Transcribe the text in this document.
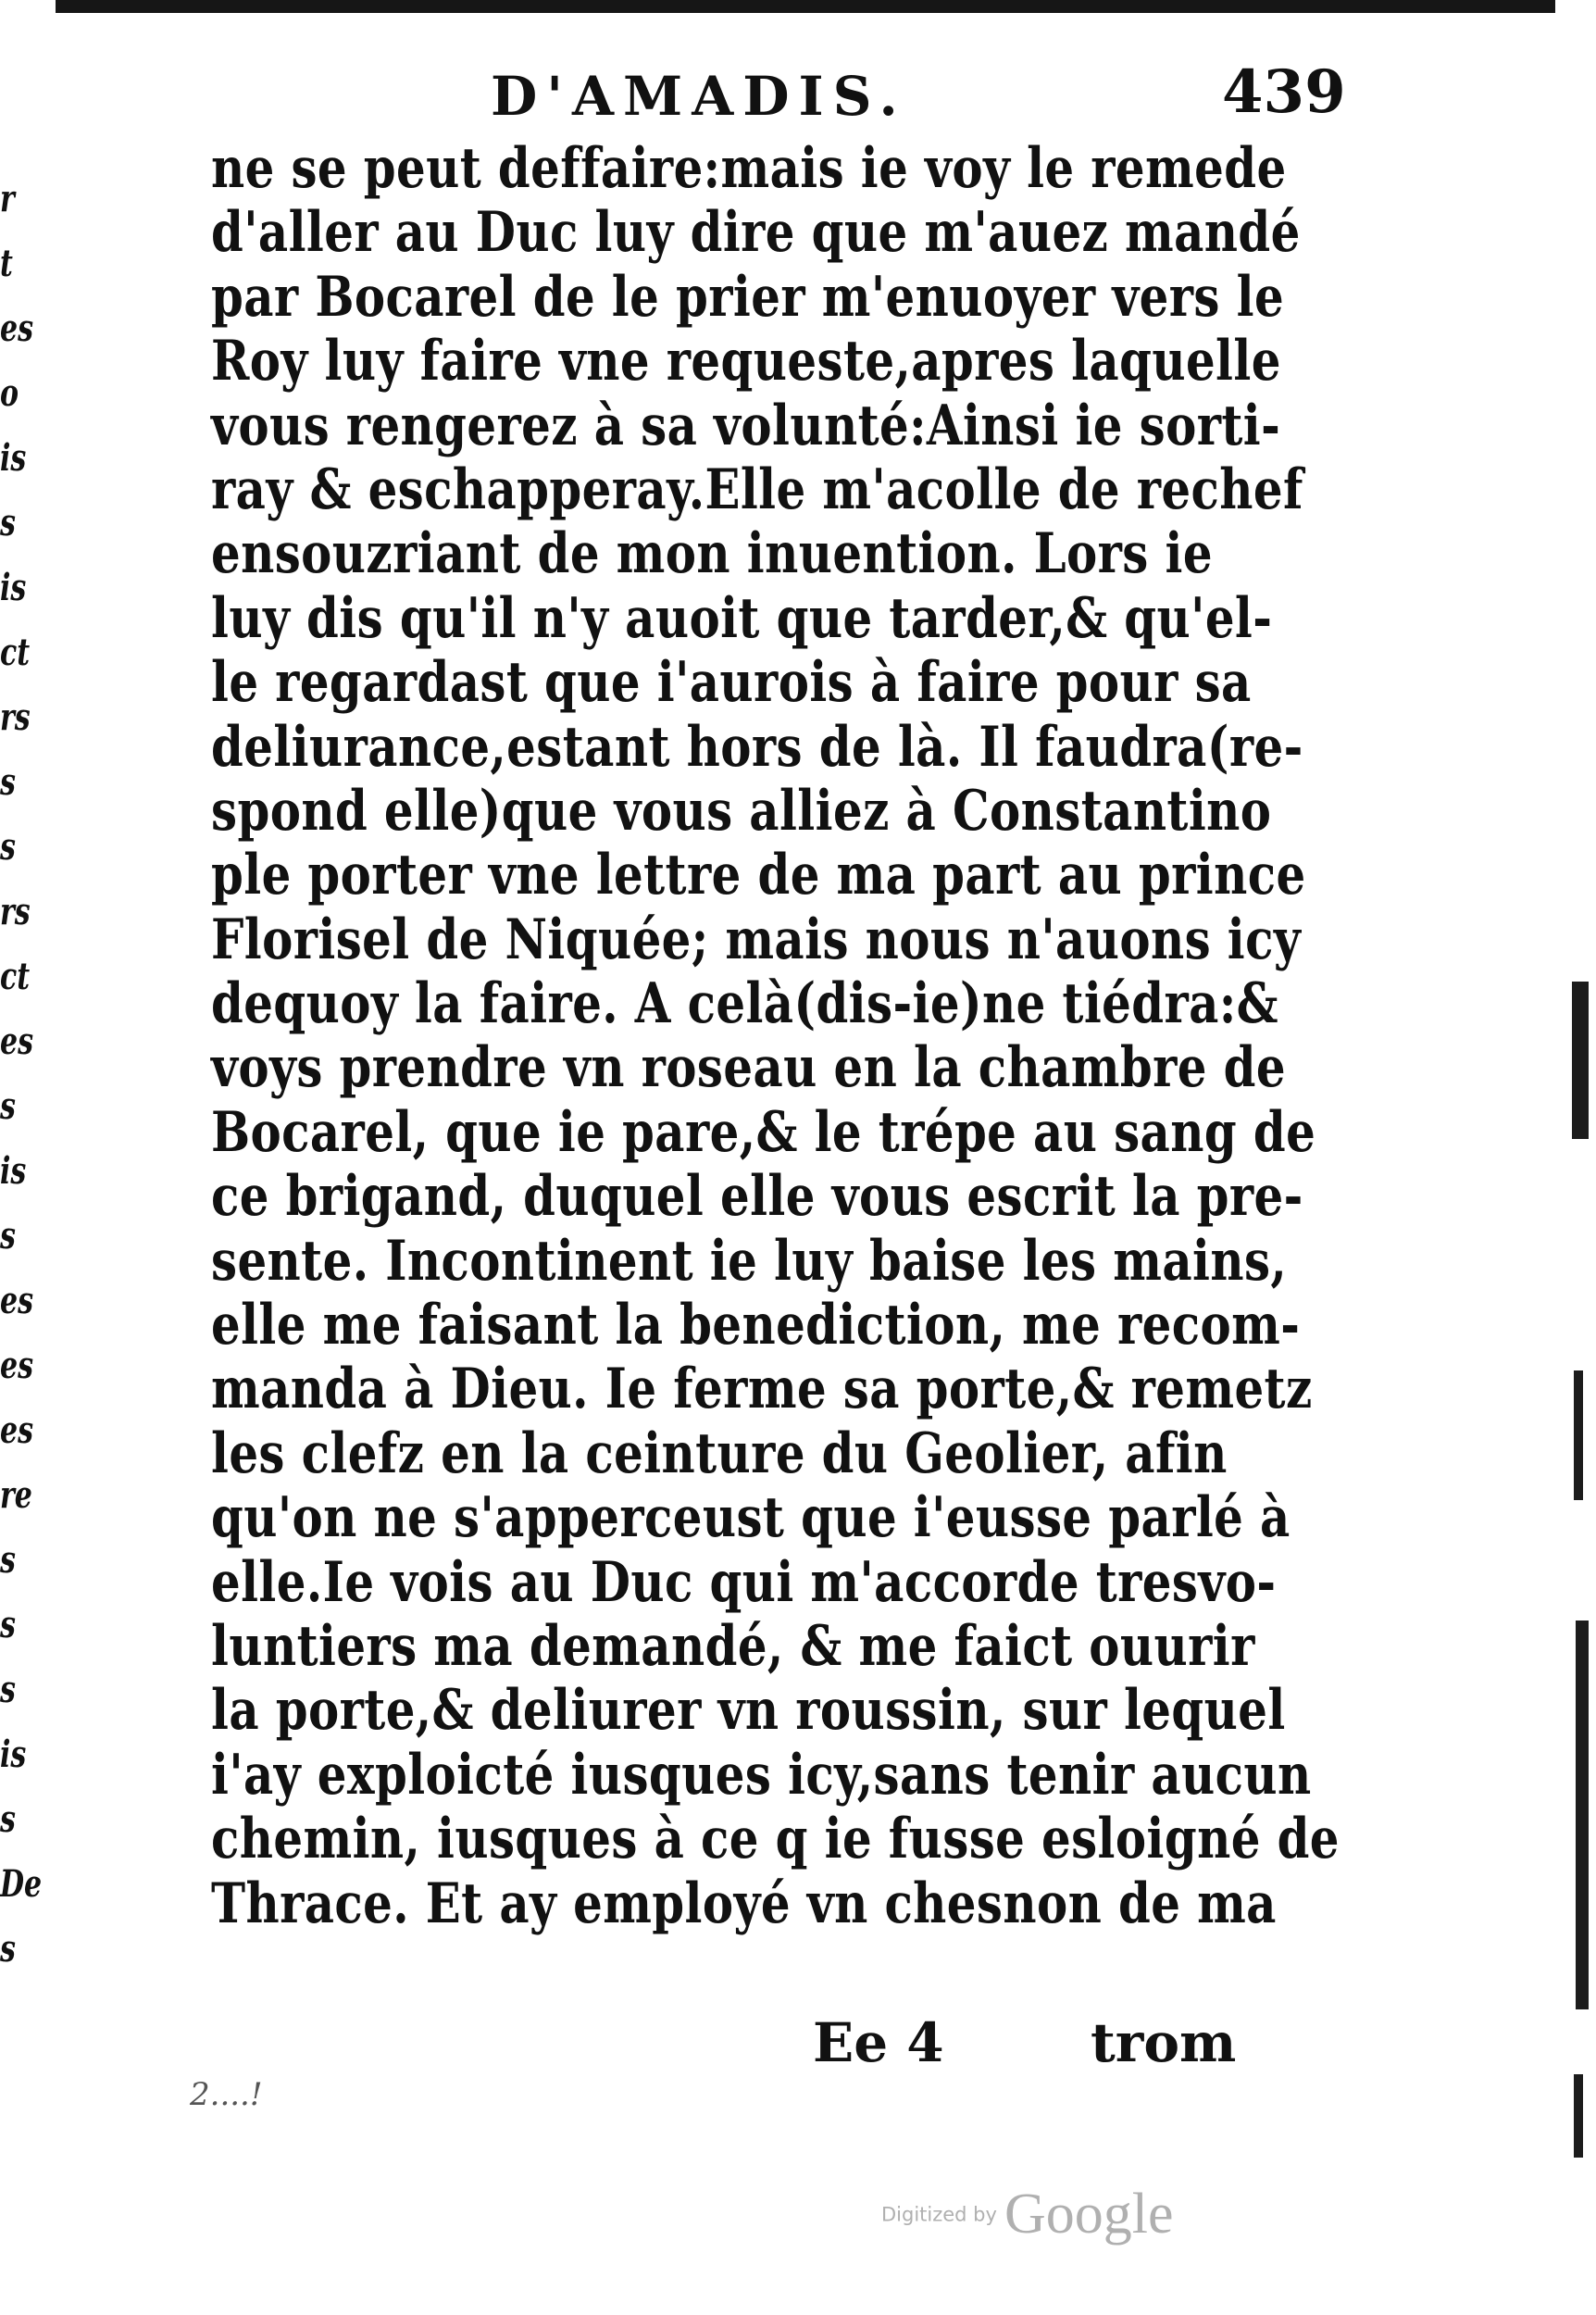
r
t
es
o
is
s
is
ct
rs
s
s
rs
ct
es
s
is
s
es
es
es
re
s
s
s
is
s
De
s
D'AMADIS.	439
ne se peut deffaire:mais ie voy le remede
d'aller au Duc luy dire que m'auez mandé
par Bocarel de le prier m'enuoyer vers le
Roy luy faire vne requeste,apres laquelle
vous rengerez à sa volunté:Ainsi ie sorti-
ray & eschapperay.Elle m'acolle de rechef
ensouzriant de mon inuention. Lors ie
luy dis qu'il n'y auoit que tarder,& qu'el-
le regardast que i'aurois à faire pour sa
deliurance,estant hors de là. Il faudra(re-
spond elle)que vous alliez à Constantino
ple porter vne lettre de ma part au prince
Florisel de Niquée; mais nous n'auons icy
dequoy la faire. A celà(dis-ie)ne tiédra:&
voys prendre vn roseau en la chambre de
Bocarel, que ie pare,& le trépe au sang de
ce brigand, duquel elle vous escrit la pre-
sente. Incontinent ie luy baise les mains,
elle me faisant la benediction, me recom-
manda à Dieu. Ie ferme sa porte,& remetz
les clefz en la ceinture du Geolier, afin
qu'on ne s'apperceust que i'eusse parlé à
elle.Ie vois au Duc qui m'accorde tresvo-
luntiers ma demandé, & me faict ouurir
la porte,& deliurer vn roussin, sur lequel
i'ay exploicté iusques icy,sans tenir aucun
chemin, iusques à ce q ie fusse esloigné de
Thrace. Et ay employé vn chesnon de ma
Ee 4	trom
2....!
Digitized by Google
